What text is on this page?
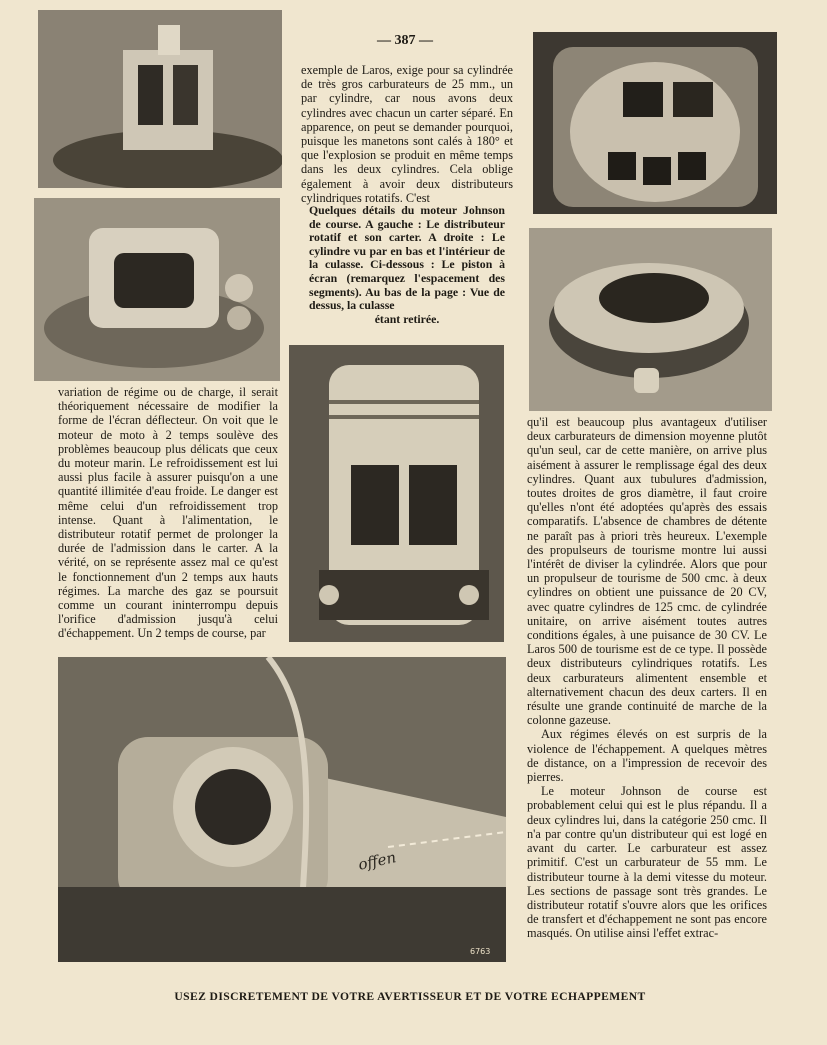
offen
6763
— 387 —

exemple de Laros, exige pour sa cylindrée de très gros carburateurs de 25 mm., un par cylindre, car nous avons deux cylindres avec chacun un carter séparé. En apparence, on peut se demander pourquoi, puisque les manetons sont calés à 180° et que l'explosion se produit en même temps dans les deux cylindres. Cela oblige également à avoir deux distributeurs cylindriques rotatifs. C'est

Quelques détails du moteur Johnson de course. A gauche : Le distributeur rotatif et son carter. A droite : Le cylindre vu par en bas et l'intérieur de la culasse. Ci-dessous : Le piston à écran (remarquez l'espacement des segments). Au bas de la page : Vue de dessus, la culasse
étant retirée.

variation de régime ou de charge, il serait théoriquement nécessaire de modifier la forme de l'écran déflecteur. On voit que le moteur de moto à 2 temps soulève des problèmes beaucoup plus délicats que ceux du moteur marin. Le refroidissement est lui aussi plus facile à assurer puisqu'on a une quantité illimitée d'eau froide. Le danger est même celui d'un refroidissement trop intense. Quant à l'alimentation, le distributeur rotatif permet de prolonger la durée de l'admission dans le carter. A la vérité, on se représente assez mal ce qu'est le fonctionnement d'un 2 temps aux hauts régimes. La marche des gaz se poursuit comme un courant ininterrompu depuis l'orifice d'admission jusqu'à celui d'échappement. Un 2 temps de course, par

qu'il est beaucoup plus avantageux d'utiliser deux carburateurs de dimension moyenne plutôt qu'un seul, car de cette manière, on arrive plus aisément à assurer le remplissage égal des deux cylindres. Quant aux tubulures d'admission, toutes droites de gros diamètre, il faut croire qu'elles n'ont été adoptées qu'après des essais comparatifs. L'absence de chambres de détente ne paraît pas à priori très heureux. L'exemple des propulseurs de tourisme montre lui aussi l'intérêt de diviser la cylindrée. Alors que pour un propulseur de tourisme de 500 cmc. à deux cylindres on obtient une puissance de 20 CV, avec quatre cylindres de 125 cmc. de cylindrée unitaire, on arrive aisément toutes autres conditions égales, à une puisance de 30 CV. Le Laros 500 de tourisme est de ce type. Il possède deux distributeurs cylindriques rotatifs. Les deux carburateurs alimentent ensemble et alternativement chacun des deux carters. Il en résulte une grande continuité de marche de la colonne gazeuse.

Aux régimes élevés on est surpris de la violence de l'échappement. A quelques mètres de distance, on a l'impression de recevoir des pierres.

Le moteur Johnson de course est probablement celui qui est le plus répandu. Il a deux cylindres lui, dans la catégorie 250 cmc. Il n'a par contre qu'un distributeur qui est logé en avant du carter. Le carburateur est assez primitif. C'est un carburateur de 55 mm. Le distributeur tourne à la demi vitesse du moteur. Les sections de passage sont très grandes. Le distributeur rotatif s'ouvre alors que les orifices de transfert et d'échappement ne sont pas encore masqués. On utilise ainsi l'effet extrac-

USEZ DISCRETEMENT DE VOTRE AVERTISSEUR ET DE VOTRE ECHAPPEMENT
